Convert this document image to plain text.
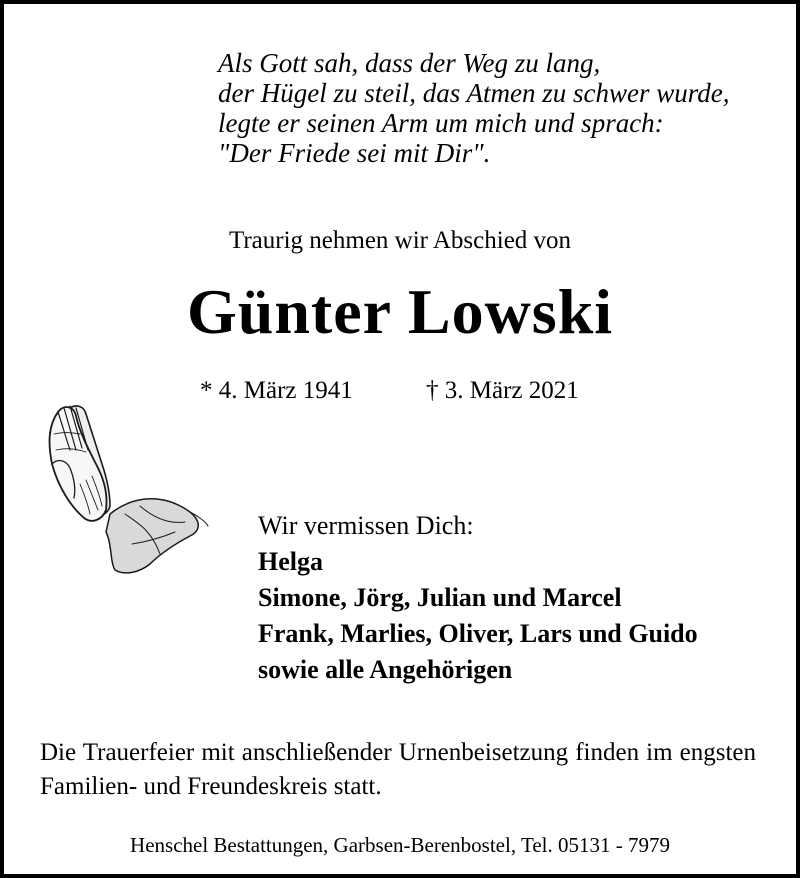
Als Gott sah, dass der Weg zu lang,
der Hügel zu steil, das Atmen zu schwer wurde,
legte er seinen Arm um mich und sprach:
"Der Friede sei mit Dir".
Traurig nehmen wir Abschied von
Günter Lowski
* 4. März 1941	† 3. März 2021
Wir vermissen Dich:
Helga
Simone, Jörg, Julian und Marcel
Frank, Marlies, Oliver, Lars und Guido
sowie alle Angehörigen
Die Trauerfeier mit anschließender Urnenbeisetzung finden im engsten Familien- und Freundeskreis statt.
Henschel Bestattungen, Garbsen-Berenbostel, Tel. 05131 - 7979
